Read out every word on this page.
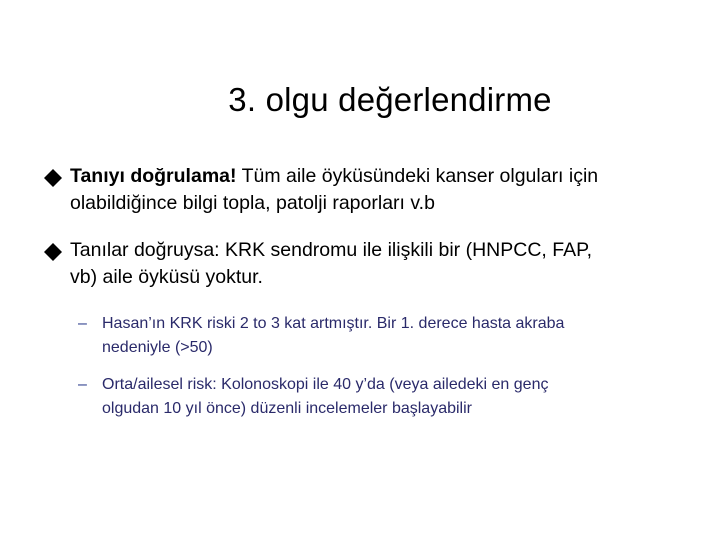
3. olgu değerlendirme
Tanıyı doğrulama! Tüm aile öyküsündeki kanser olguları için
olabildiğince bilgi topla, patolji raporları v.b
Tanılar doğruysa: KRK sendromu ile ilişkili bir (HNPCC, FAP,
vb) aile öyküsü yoktur.
– Hasan’ın KRK riski 2 to 3 kat artmıştır. Bir 1. derece hasta akraba
nedeniyle (>50)
– Orta/ailesel risk: Kolonoskopi ile 40 y’da (veya ailedeki en genç
olgudan 10 yıl önce) düzenli incelemeler başlayabilir
